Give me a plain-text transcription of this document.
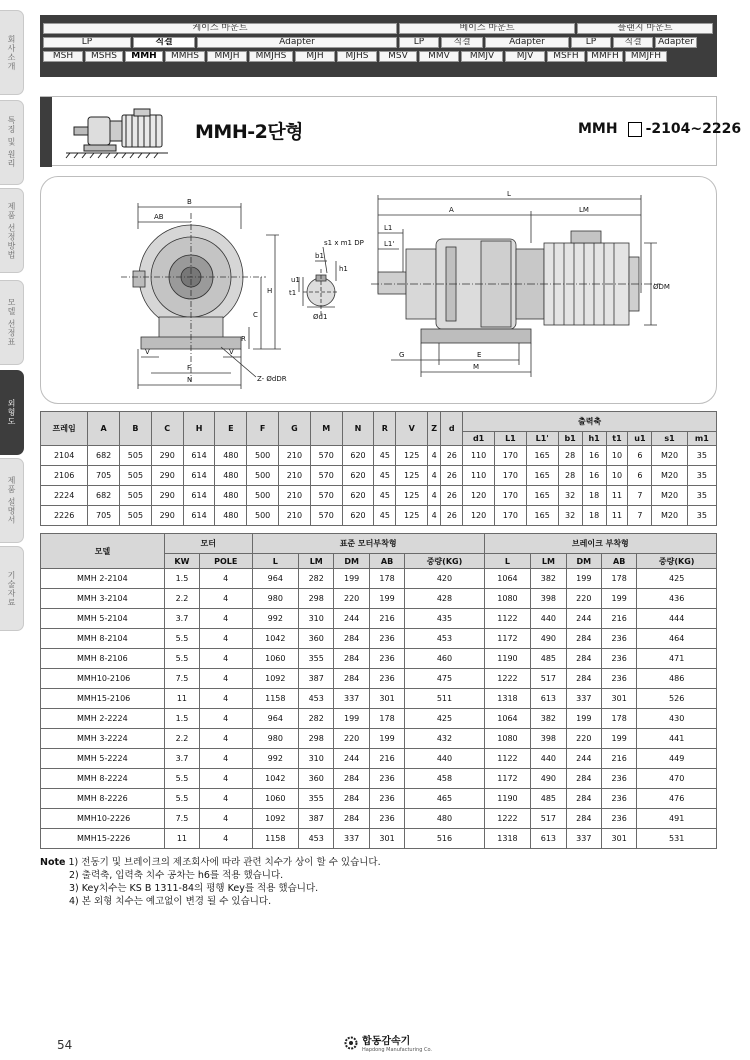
회사소개
특징 및 원리
제품 선정방법
모델 선정표
외형도
제품 설명서
기술자료
케이스 마운트	베이스 마운트	플랜지 마운트
LP	직결	Adapter	LP	직결	Adapter	LP	직결	Adapter
MSH	MSHS	MMH	MMHS	MMJH	MMJHS	MJH	MJHS	MSV	MMV	MMJV	MJV	MSFH	MMFH	MMJFH
MMH-2단형	MMH -2104~2226
B
AB
H
C
R
V	V
F
N	Z- ØdDR
s1 x m1 DP
b1
h1
u1
t1
Ød1
L
A	LM
L1
L1'
ØDM
G	E
M
프레임	A	B	C	H	E	F	G	M	N	R	V	Z	d	출력축								
														d1	L1	L1'	b1	h1	t1	u1	s1	m1
2104	682	505	290	614	480	500	210	570	620	45	125	4	26	110	170	165	28	16	10	6	M20	35
2106	705	505	290	614	480	500	210	570	620	45	125	4	26	110	170	165	28	16	10	6	M20	35
2224	682	505	290	614	480	500	210	570	620	45	125	4	26	120	170	165	32	18	11	7	M20	35
2226	705	505	290	614	480	500	210	570	620	45	125	4	26	120	170	165	32	18	11	7	M20	35
모델	모터		표준 모터부착형					브레이크 부착형				
	KW	POLE	L	LM	DM	AB	중량(KG)	L	LM	DM	AB	중량(KG)
MMH 2-2104	1.5	4	964	282	199	178	420	1064	382	199	178	425
MMH 3-2104	2.2	4	980	298	220	199	428	1080	398	220	199	436
MMH 5-2104	3.7	4	992	310	244	216	435	1122	440	244	216	444
MMH 8-2104	5.5	4	1042	360	284	236	453	1172	490	284	236	464
MMH 8-2106	5.5	4	1060	355	284	236	460	1190	485	284	236	471
MMH10-2106	7.5	4	1092	387	284	236	475	1222	517	284	236	486
MMH15-2106	11	4	1158	453	337	301	511	1318	613	337	301	526
MMH 2-2224	1.5	4	964	282	199	178	425	1064	382	199	178	430
MMH 3-2224	2.2	4	980	298	220	199	432	1080	398	220	199	441
MMH 5-2224	3.7	4	992	310	244	216	440	1122	440	244	216	449
MMH 8-2224	5.5	4	1042	360	284	236	458	1172	490	284	236	470
MMH 8-2226	5.5	4	1060	355	284	236	465	1190	485	284	236	476
MMH10-2226	7.5	4	1092	387	284	236	480	1222	517	284	236	491
MMH15-2226	11	4	1158	453	337	301	516	1318	613	337	301	531
Note 1) 전동기 및 브레이크의 제조회사에 따라 관련 치수가 상이 할 수 있습니다.
2) 출력축, 입력축 치수 공차는 h6를 적용 했습니다.
3) Key치수는 KS B 1311-84의 평행 Key를 적용 했습니다.
4) 본 외형 치수는 예고없이 변경 될 수 있습니다.
54	합동감속기
Hapdong Manufacturing Co.
